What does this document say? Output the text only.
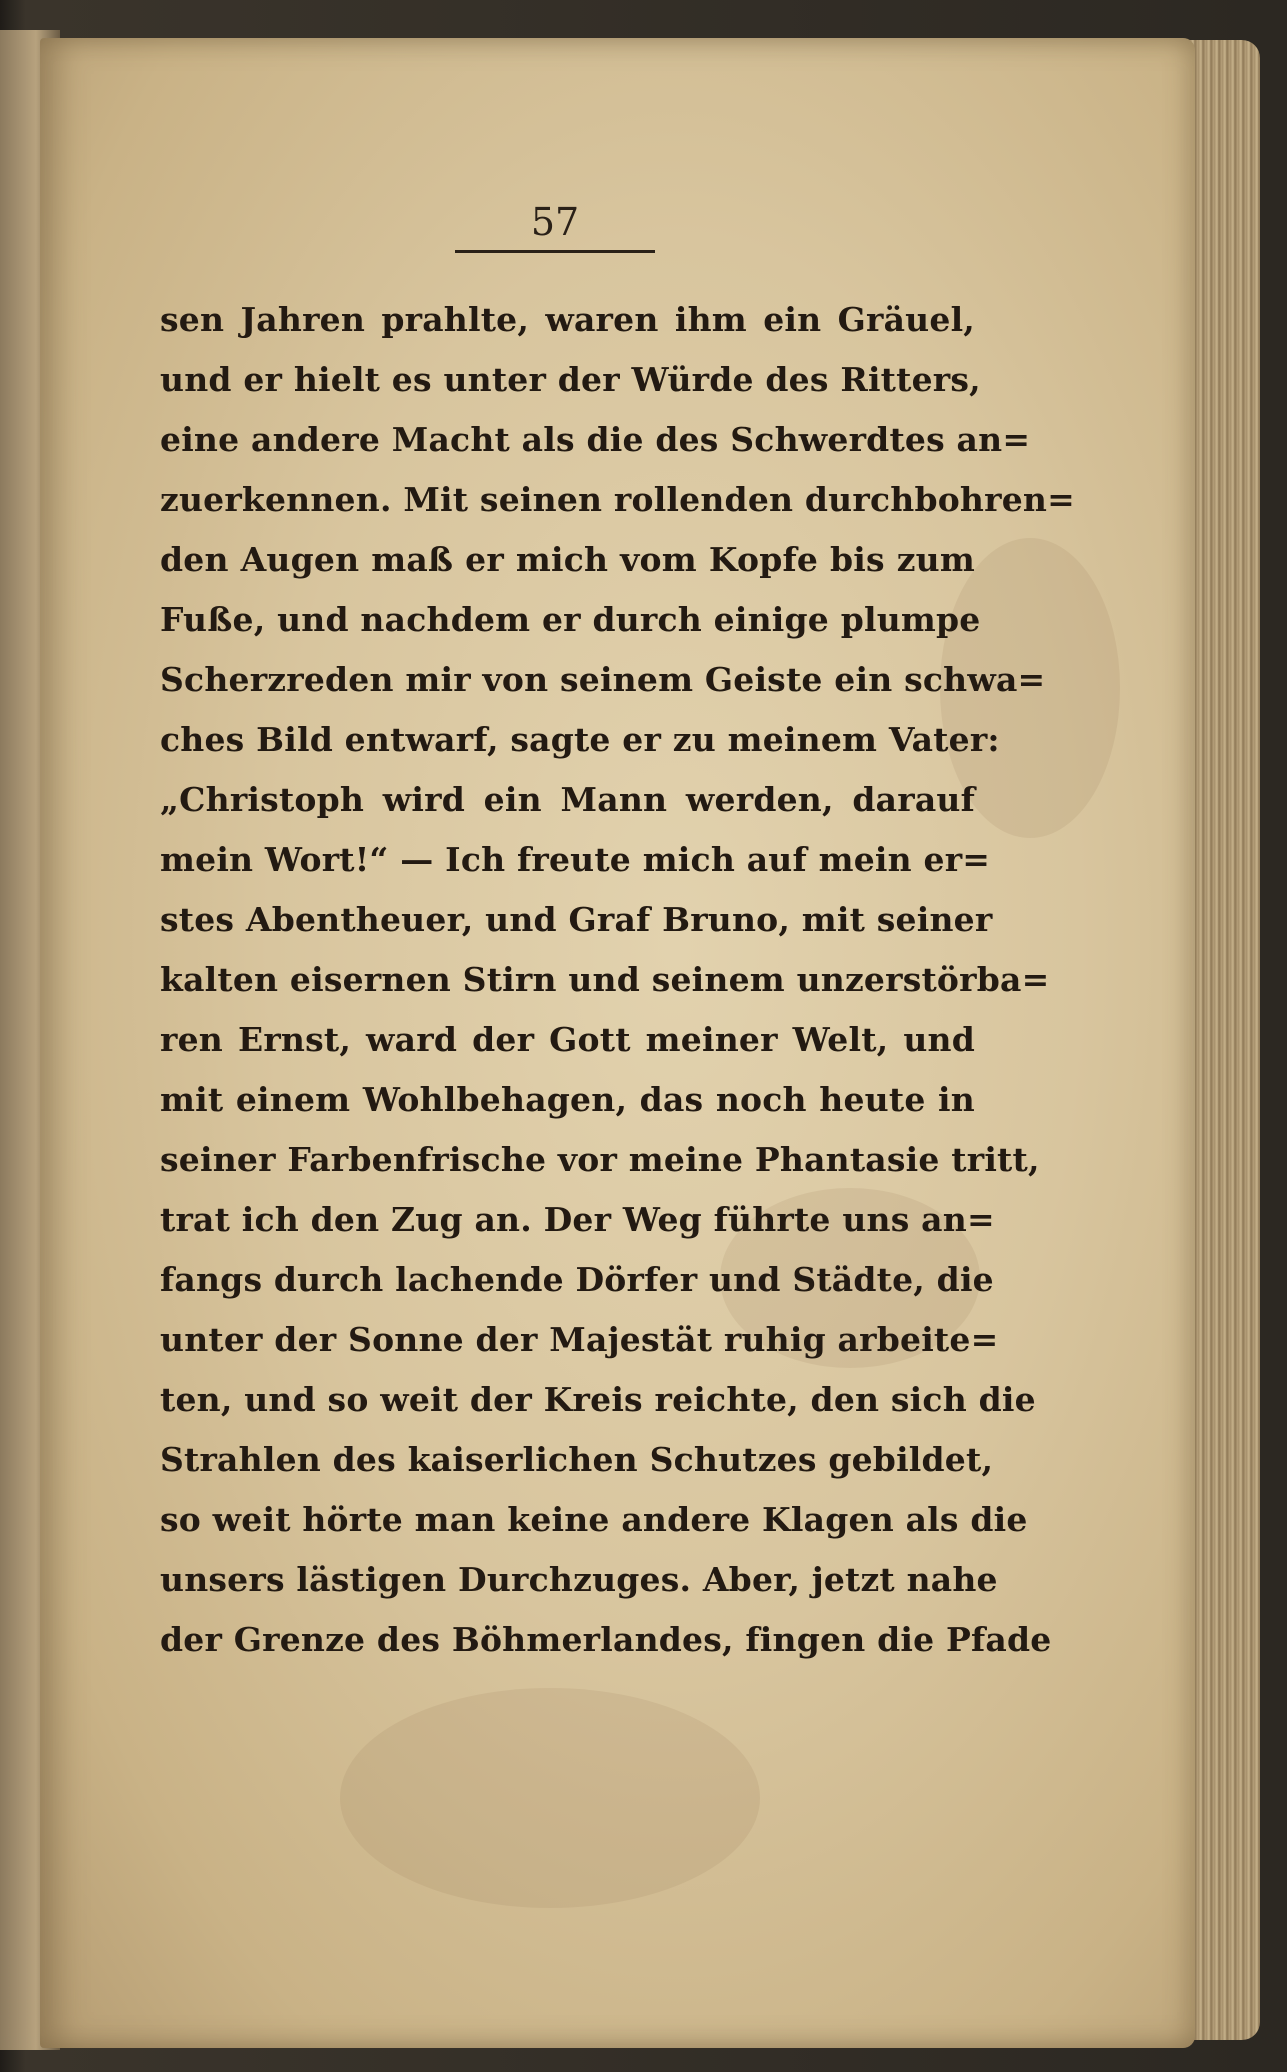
57
sen Jahren prahlte, waren ihm ein Gräuel,
und er hielt es unter der Würde des Ritters,
eine andere Macht als die des Schwerdtes an=
zuerkennen. Mit seinen rollenden durchbohren=
den Augen maß er mich vom Kopfe bis zum
Fuße, und nachdem er durch einige plumpe
Scherzreden mir von seinem Geiste ein schwa=
ches Bild entwarf, sagte er zu meinem Vater:
„Christoph wird ein Mann werden, darauf
mein Wort!“ — Ich freute mich auf mein er=
stes Abentheuer, und Graf Bruno, mit seiner
kalten eisernen Stirn und seinem unzerstörba=
ren Ernst, ward der Gott meiner Welt, und
mit einem Wohlbehagen, das noch heute in
seiner Farbenfrische vor meine Phantasie tritt,
trat ich den Zug an. Der Weg führte uns an=
fangs durch lachende Dörfer und Städte, die
unter der Sonne der Majestät ruhig arbeite=
ten, und so weit der Kreis reichte, den sich die
Strahlen des kaiserlichen Schutzes gebildet,
so weit hörte man keine andere Klagen als die
unsers lästigen Durchzuges. Aber, jetzt nahe
der Grenze des Böhmerlandes, fingen die Pfade
